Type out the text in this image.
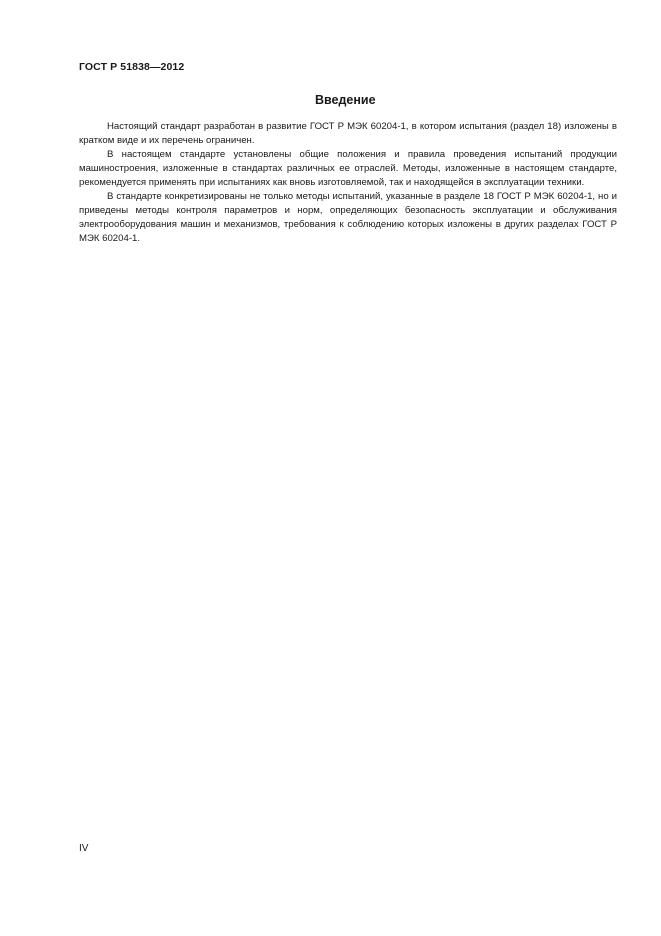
ГОСТ Р 51838—2012
Введение

Настоящий стандарт разработан в развитие ГОСТ Р МЭК 60204-1, в котором испытания (раздел 18) изложены в кратком виде и их перечень ограничен.

В настоящем стандарте установлены общие положения и правила проведения испытаний продукции машиностроения, изложенные в стандартах различных ее отраслей. Методы, изложенные в настоящем стандарте, рекомендуется применять при испытаниях как вновь изготовляемой, так и находящейся в эксплуатации техники.

В стандарте конкретизированы не только методы испытаний, указанные в разделе 18 ГОСТ Р МЭК 60204-1, но и приведены методы контроля параметров и норм, определяющих безопасность эксплуатации и обслуживания электрооборудования машин и механизмов, требования к соблюдению которых изложены в других разделах ГОСТ Р МЭК 60204-1.

IV
